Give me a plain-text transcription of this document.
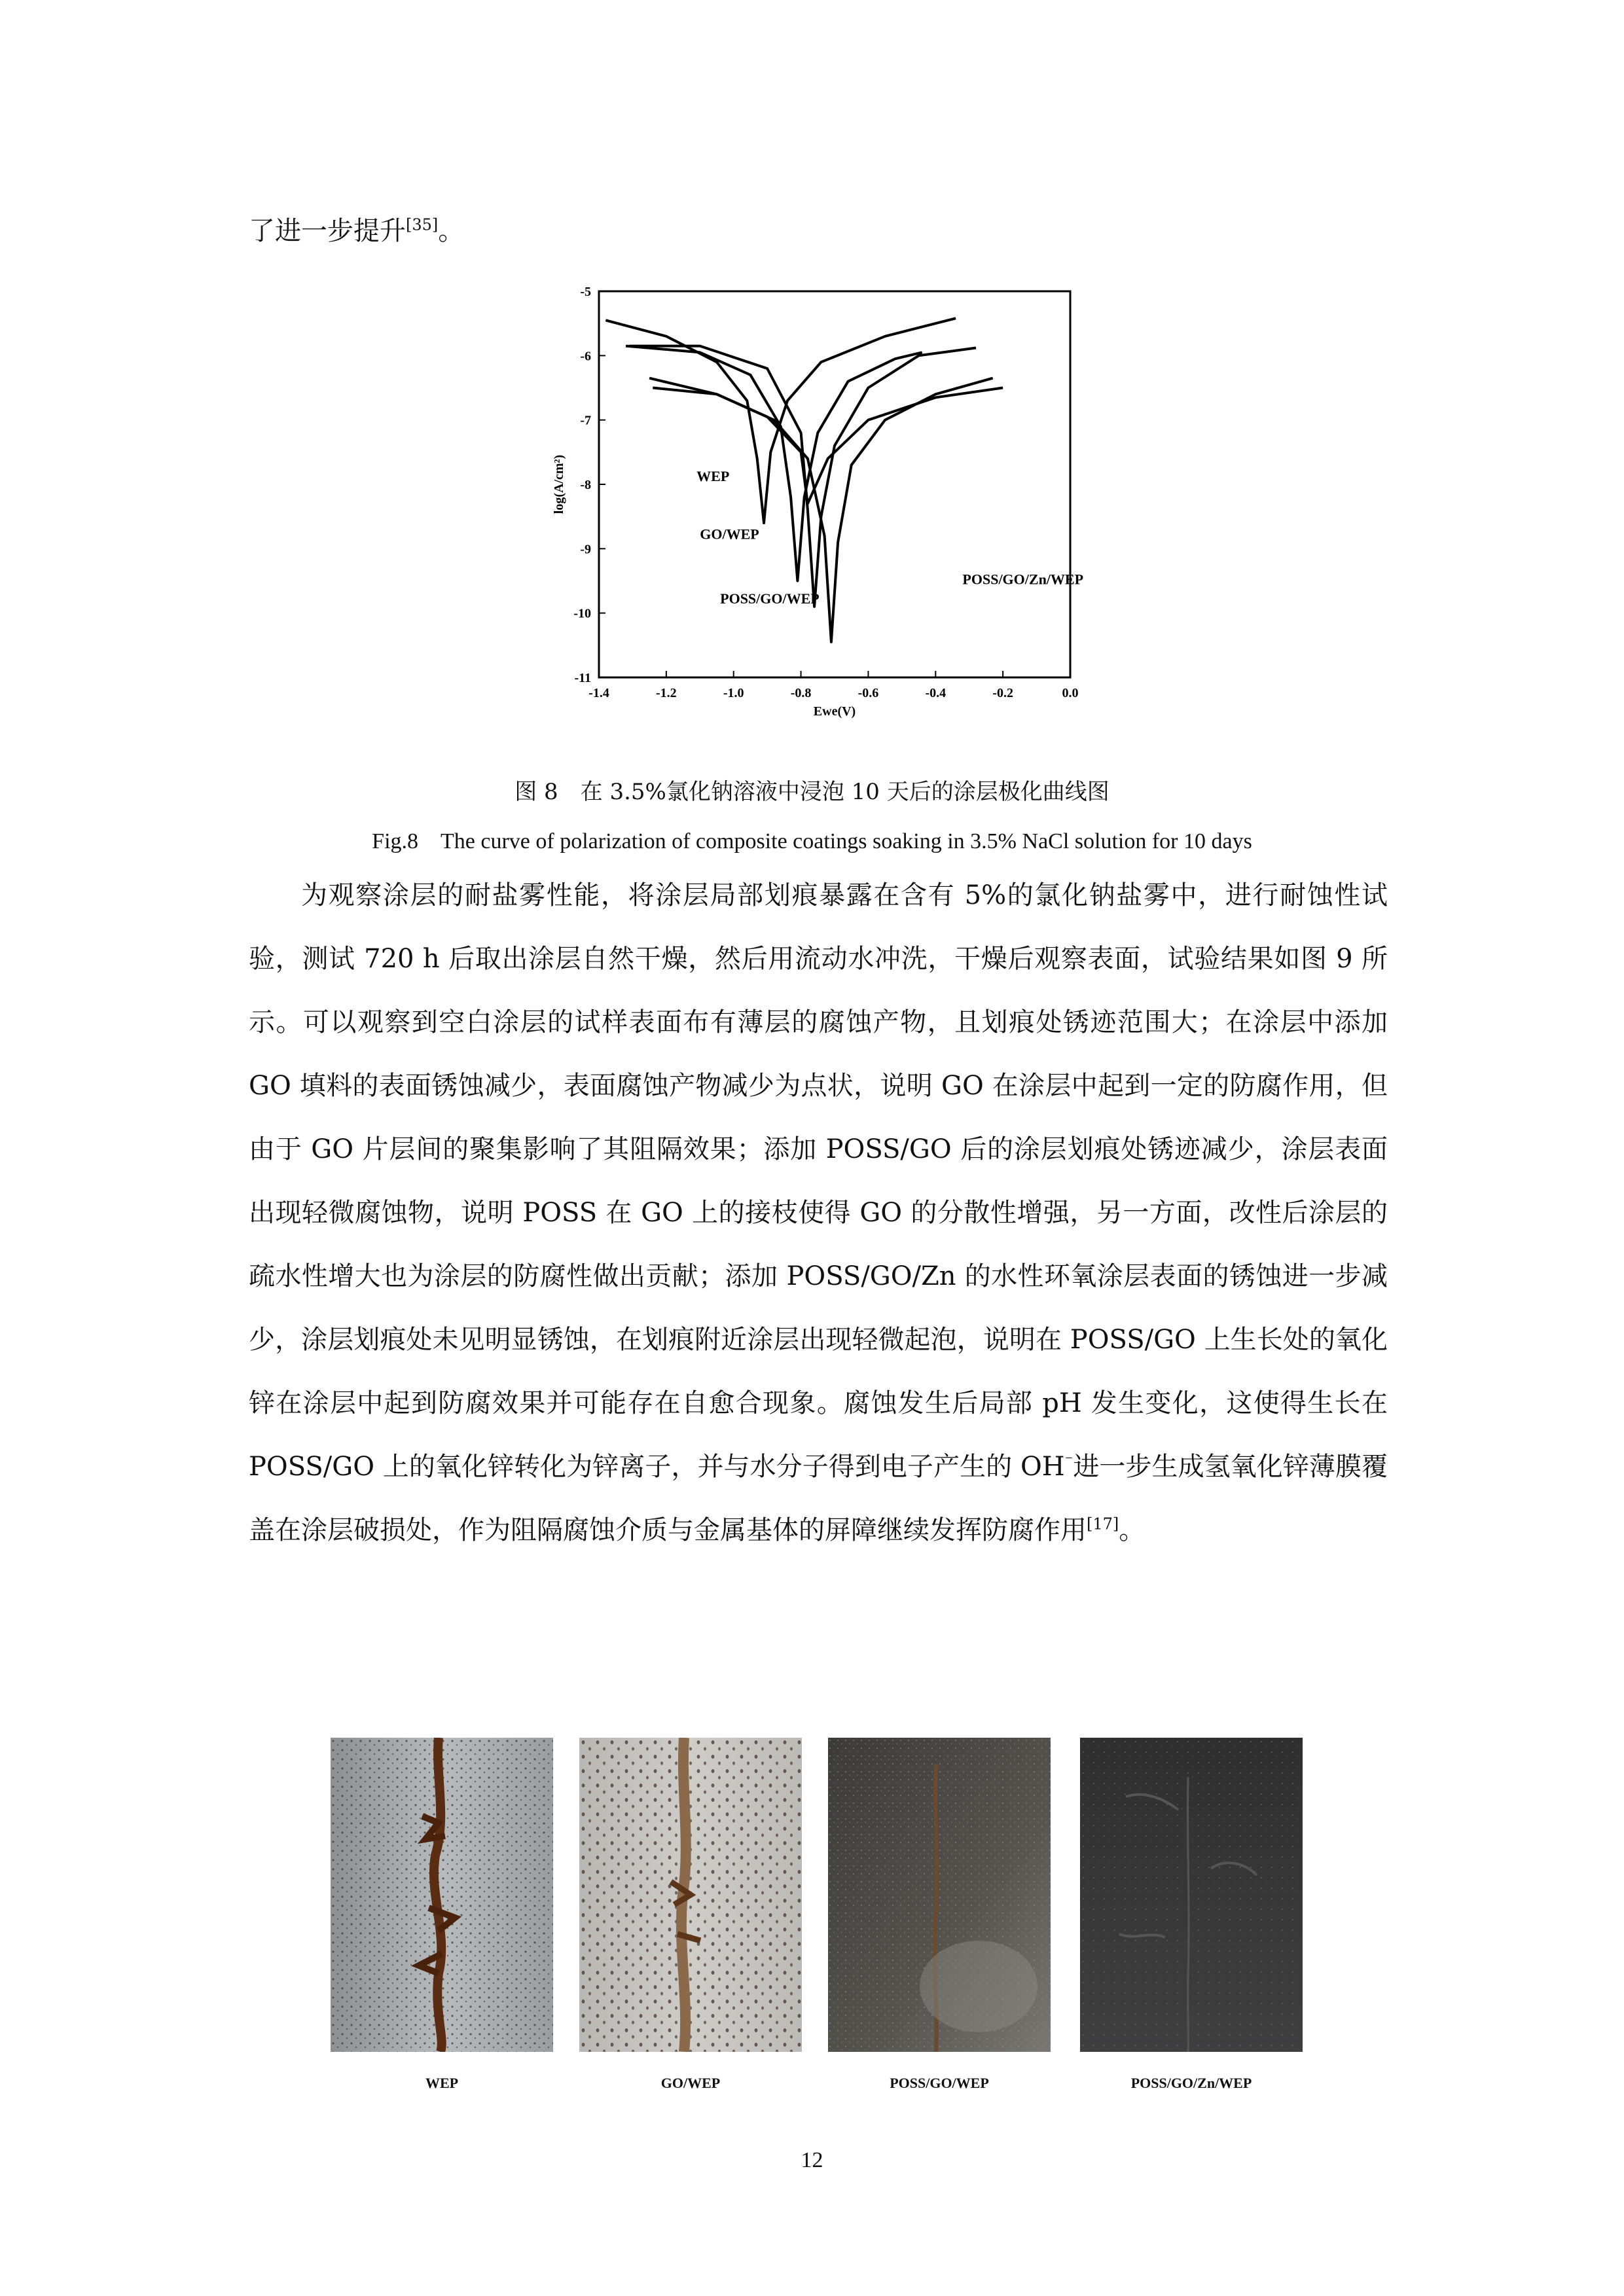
了进一步提升[35]。

-1.4	-1.2	-1.0	-0.8	-0.6	-0.4	-0.2	0.0
-5
-6
-7
-8
-9
-10
-11
Ewe(V)
log(A/cm²)	WEP
GO/WEP
POSS/GO/WEP
POSS/GO/Zn/WEP
图 8　在 3.5%氯化钠溶液中浸泡 10 天后的涂层极化曲线图
Fig.8　The curve of polarization of composite coatings soaking in 3.5% NaCl solution for 10 days

为观察涂层的耐盐雾性能，将涂层局部划痕暴露在含有 5%的氯化钠盐雾中，进行耐蚀性试验，测试 720 h 后取出涂层自然干燥，然后用流动水冲洗，干燥后观察表面，试验结果如图 9 所示。可以观察到空白涂层的试样表面布有薄层的腐蚀产物，且划痕处锈迹范围大；在涂层中添加 GO 填料的表面锈蚀减少，表面腐蚀产物减少为点状，说明 GO 在涂层中起到一定的防腐作用，但由于 GO 片层间的聚集影响了其阻隔效果；添加 POSS/GO 后的涂层划痕处锈迹减少，涂层表面出现轻微腐蚀物，说明 POSS 在 GO 上的接枝使得 GO 的分散性增强，另一方面，改性后涂层的疏水性增大也为涂层的防腐性做出贡献；添加 POSS/GO/Zn 的水性环氧涂层表面的锈蚀进一步减少，涂层划痕处未见明显锈蚀，在划痕附近涂层出现轻微起泡，说明在 POSS/GO 上生长处的氧化锌在涂层中起到防腐效果并可能存在自愈合现象。腐蚀发生后局部 pH 发生变化，这使得生长在 POSS/GO 上的氧化锌转化为锌离子，并与水分子得到电子产生的 OH⁻进一步生成氢氧化锌薄膜覆盖在涂层破损处，作为阻隔腐蚀介质与金属基体的屏障继续发挥防腐作用[17]。

WEP	GO/WEP	POSS/GO/WEP	POSS/GO/Zn/WEP
12
